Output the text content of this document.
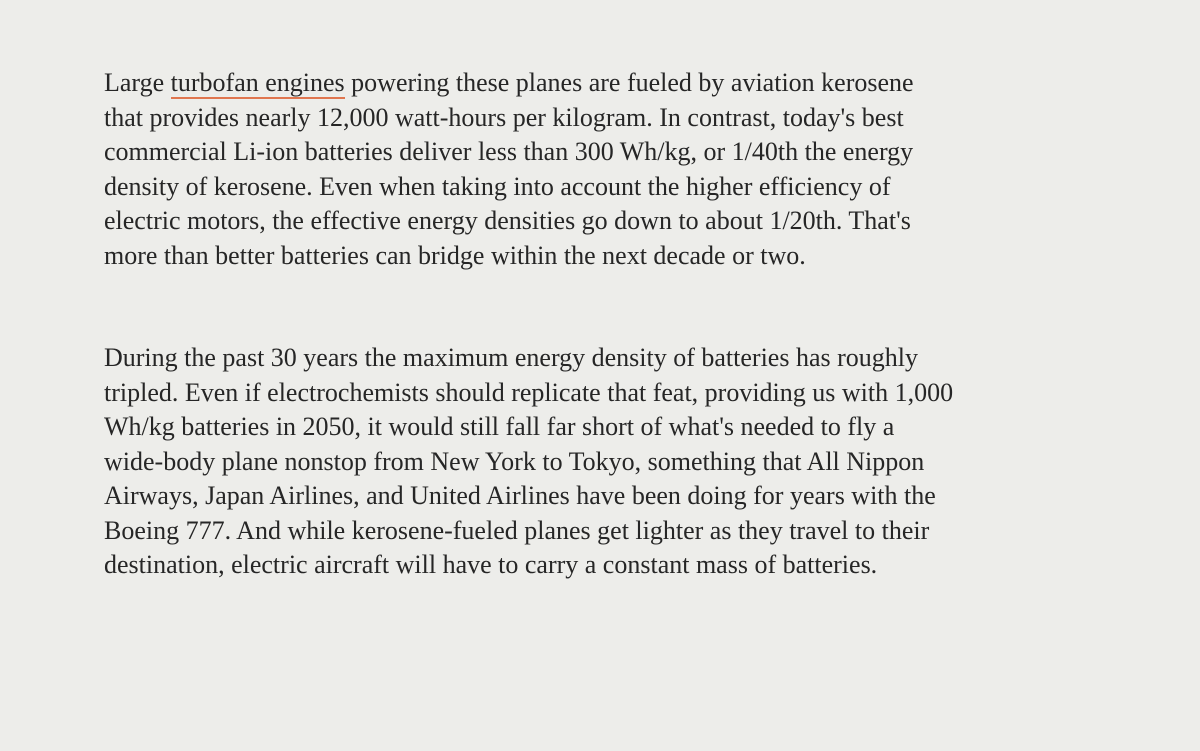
Large turbofan engines powering these planes are fueled by aviation kerosene
that provides nearly 12,000 watt-hours per kilogram. In contrast, today's best
commercial Li-ion batteries deliver less than 300 Wh/kg, or 1/40th the energy
density of kerosene. Even when taking into account the higher efficiency of
electric motors, the effective energy densities go down to about 1/20th. That's
more than better batteries can bridge within the next decade or two.

During the past 30 years the maximum energy density of batteries has roughly
tripled. Even if electrochemists should replicate that feat, providing us with 1,000
Wh/kg batteries in 2050, it would still fall far short of what's needed to fly a
wide-body plane nonstop from New York to Tokyo, something that All Nippon
Airways, Japan Airlines, and United Airlines have been doing for years with the
Boeing 777. And while kerosene-fueled planes get lighter as they travel to their
destination, electric aircraft will have to carry a constant mass of batteries.
